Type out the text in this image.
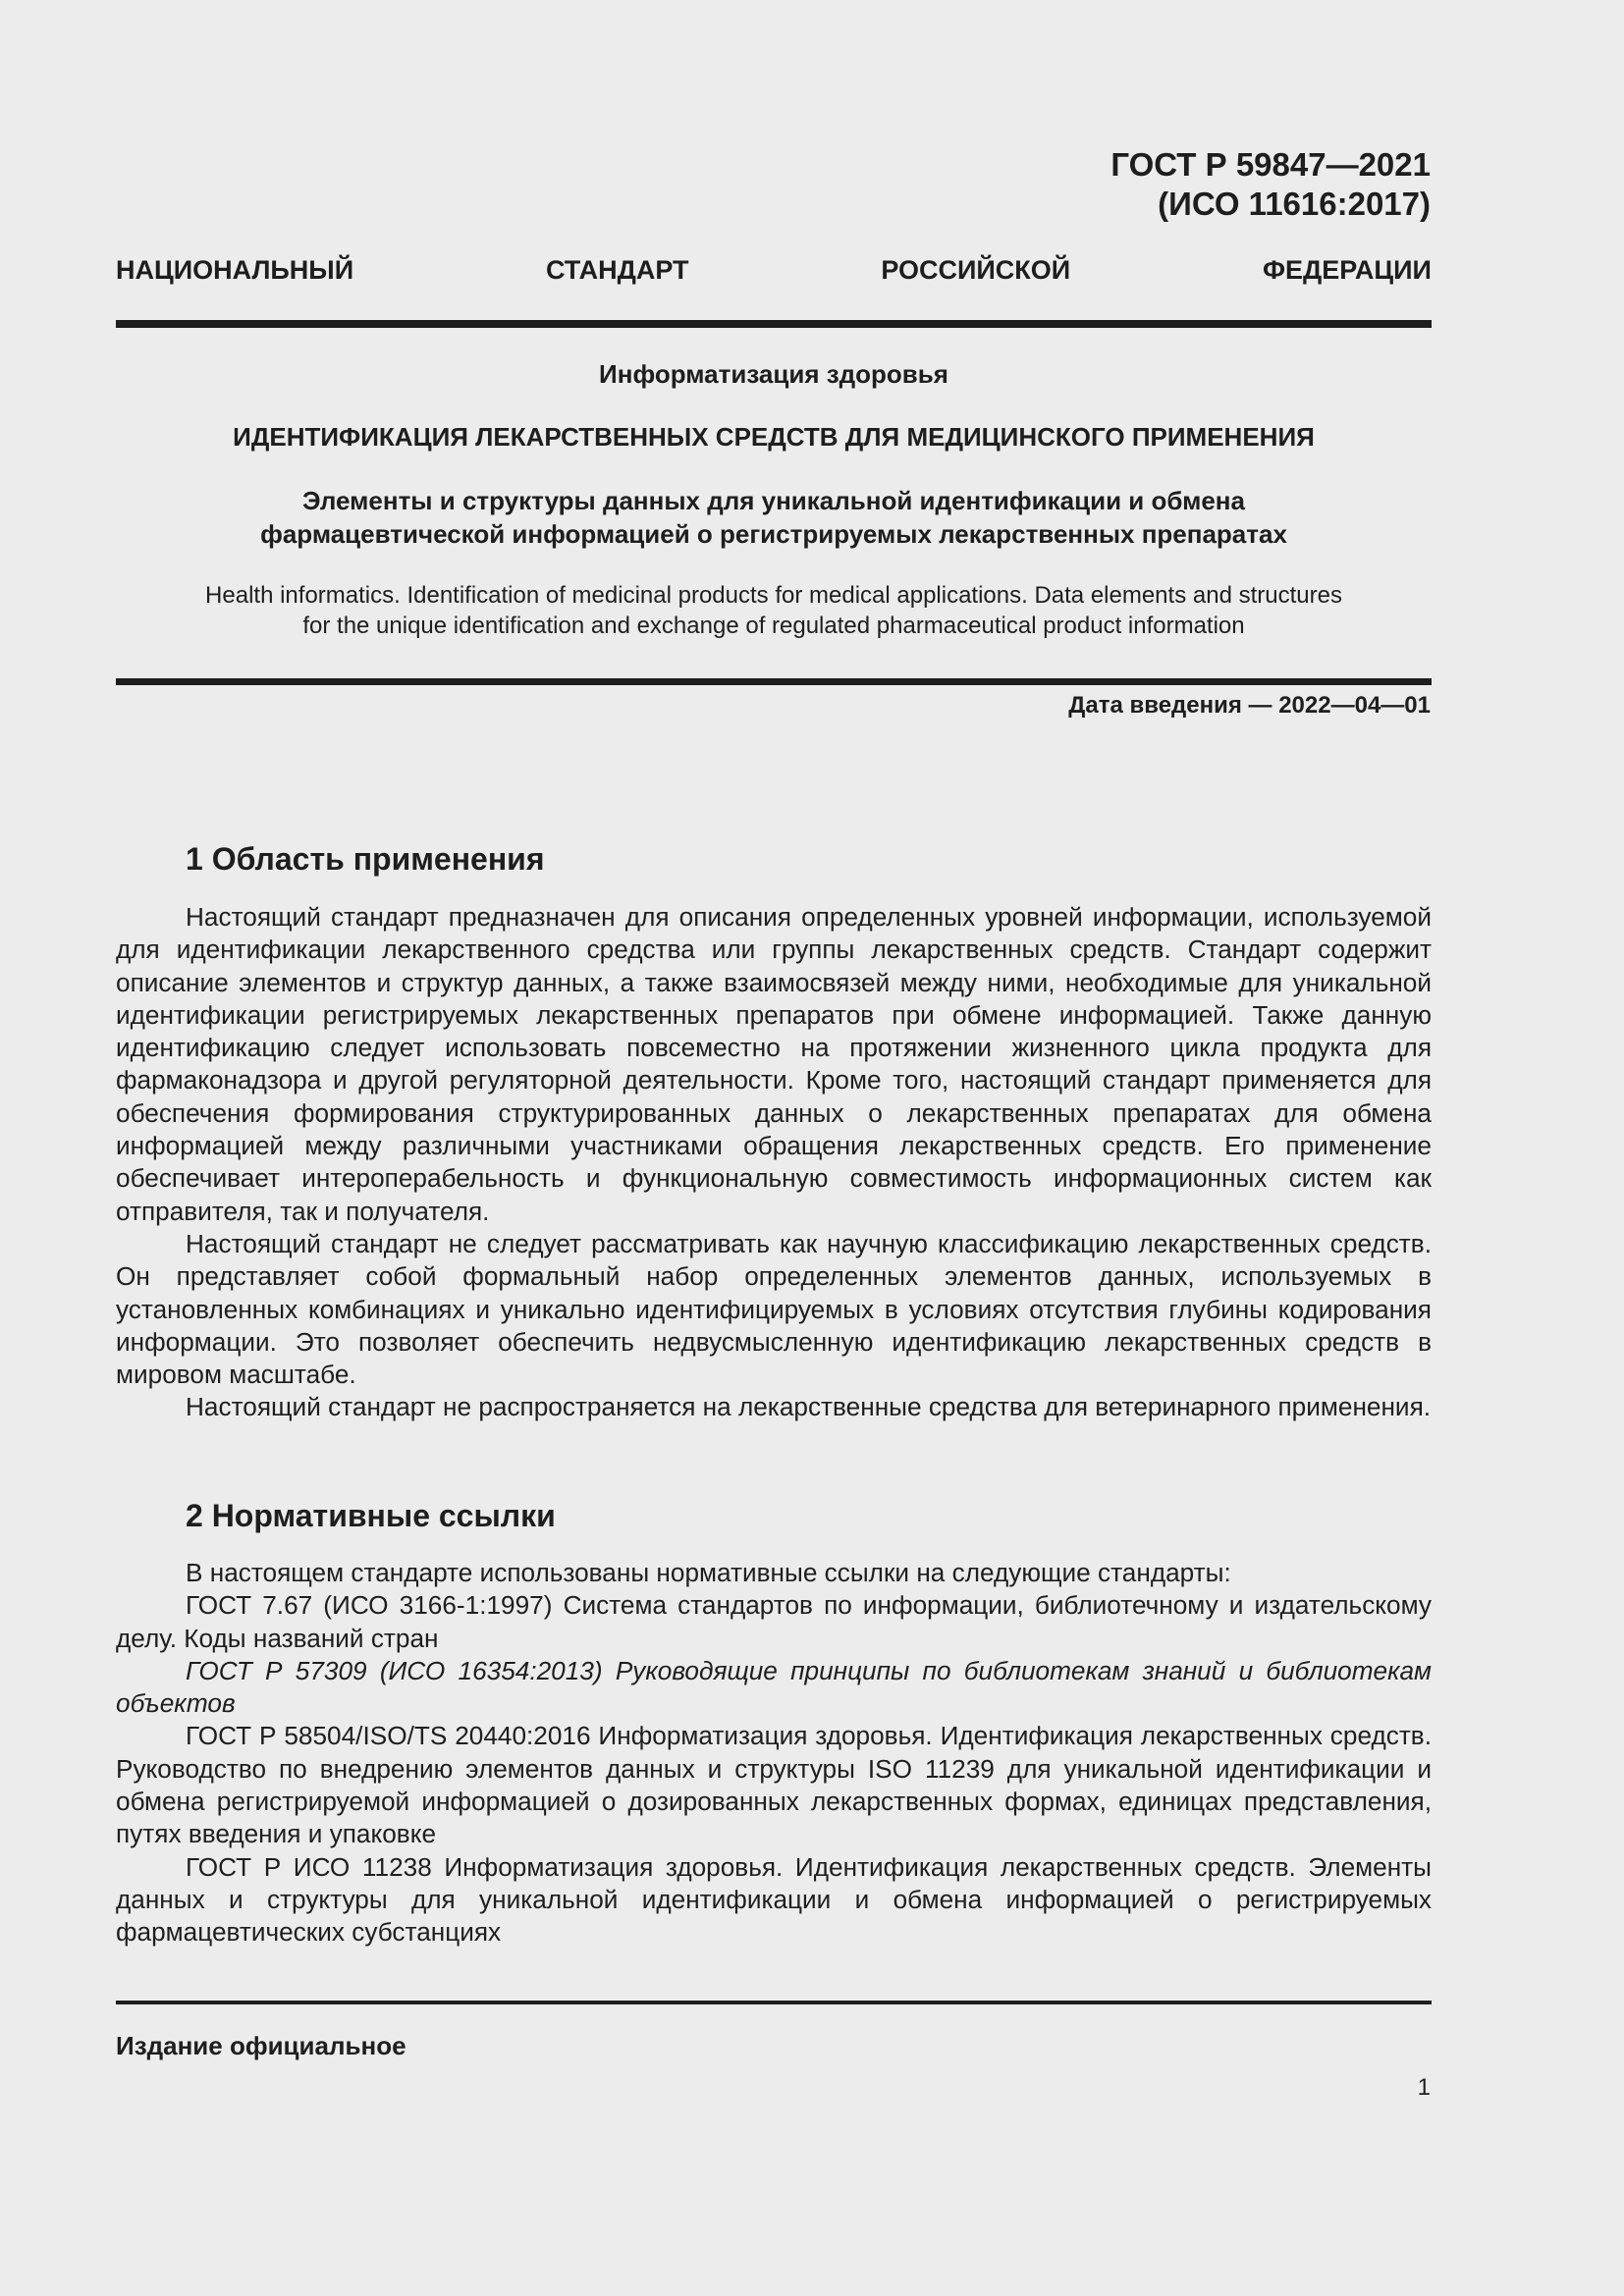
ГОСТ Р 59847—2021
(ИСО 11616:2017)
НАЦИОНАЛЬНЫЙ	СТАНДАРТ	РОССИЙСКОЙ	ФЕДЕРАЦИИ
Информатизация здоровья
ИДЕНТИФИКАЦИЯ ЛЕКАРСТВЕННЫХ СРЕДСТВ ДЛЯ МЕДИЦИНСКОГО ПРИМЕНЕНИЯ
Элементы и структуры данных для уникальной идентификации и обмена
фармацевтической информацией о регистрируемых лекарственных препаратах
Health informatics. Identification of medicinal products for medical applications. Data elements and structures
for the unique identification and exchange of regulated pharmaceutical product information
Дата введения — 2022—04—01
1 Область применения

Настоящий стандарт предназначен для описания определенных уровней информации, используемой для идентификации лекарственного средства или группы лекарственных средств. Стандарт содержит описание элементов и структур данных, а также взаимосвязей между ними, необходимые для уникальной идентификации регистрируемых лекарственных препаратов при обмене информацией. Также данную идентификацию следует использовать повсеместно на протяжении жизненного цикла продукта для фармаконадзора и другой регуляторной деятельности. Кроме того, настоящий стандарт применяется для обеспечения формирования структурированных данных о лекарственных препаратах для обмена информацией между различными участниками обращения лекарственных средств. Его применение обеспечивает интероперабельность и функциональную совместимость информационных систем как отправителя, так и получателя.

Настоящий стандарт не следует рассматривать как научную классификацию лекарственных средств. Он представляет собой формальный набор определенных элементов данных, используемых в установленных комбинациях и уникально идентифицируемых в условиях отсутствия глубины кодирования информации. Это позволяет обеспечить недвусмысленную идентификацию лекарственных средств в мировом масштабе.

Настоящий стандарт не распространяется на лекарственные средства для ветеринарного применения.

2 Нормативные ссылки

В настоящем стандарте использованы нормативные ссылки на следующие стандарты:

ГОСТ 7.67 (ИСО 3166-1:1997) Система стандартов по информации, библиотечному и издательскому делу. Коды названий стран

ГОСТ Р 57309 (ИСО 16354:2013) Руководящие принципы по библиотекам знаний и библиотекам объектов

ГОСТ Р 58504/ISO/TS 20440:2016 Информатизация здоровья. Идентификация лекарственных средств. Руководство по внедрению элементов данных и структуры ISO 11239 для уникальной идентификации и обмена регистрируемой информацией о дозированных лекарственных формах, единицах представления, путях введения и упаковке

ГОСТ Р ИСО 11238 Информатизация здоровья. Идентификация лекарственных средств. Элементы данных и структуры для уникальной идентификации и обмена информацией о регистрируемых фармацевтических субстанциях

Издание официальное
1
